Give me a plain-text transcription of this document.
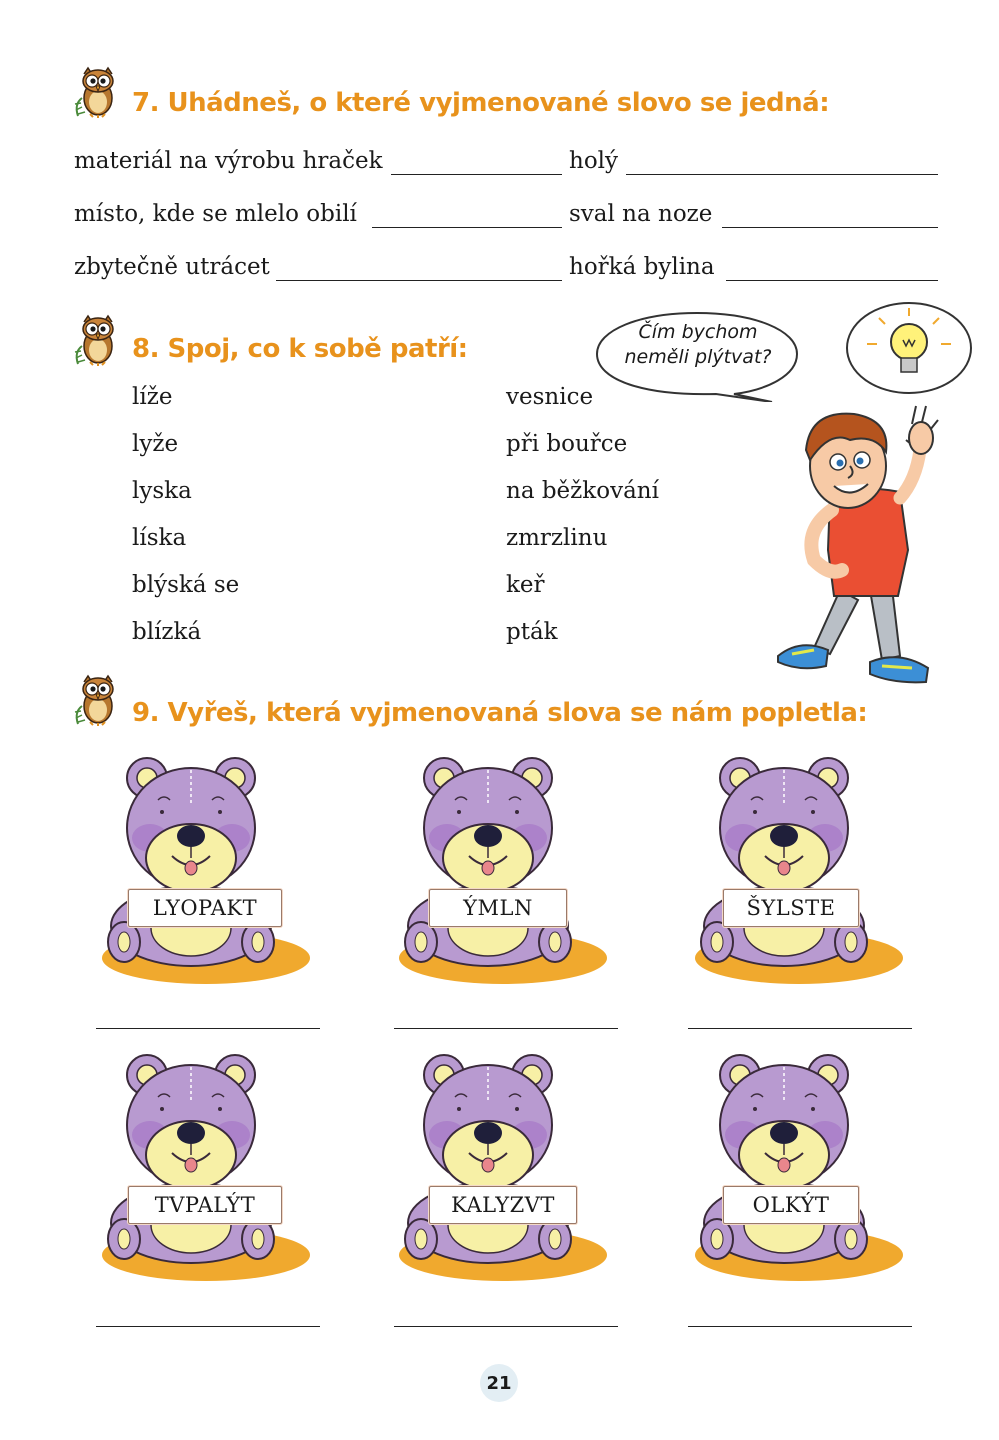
7. Uhádneš, o které vyjmenované slovo se jedná:
materiál na výrobu hraček	holý
místo, kde se mlelo obilí	sval na noze
zbytečně utrácet	hořká bylina
8. Spoj, co k sobě patří:
líže
lyže
lyska
líska
blýská se
blízká
vesnice
při bouřce
na běžkování
zmrzlinu
keř
pták
Čím bychom
neměli plýtvat?
9. Vyřeš, která vyjmenovaná slova se nám popletla:
LYOPAKT	ÝMLN	ŠYLSTE
TVPALÝT	KALYZVT	OLKÝT
21
